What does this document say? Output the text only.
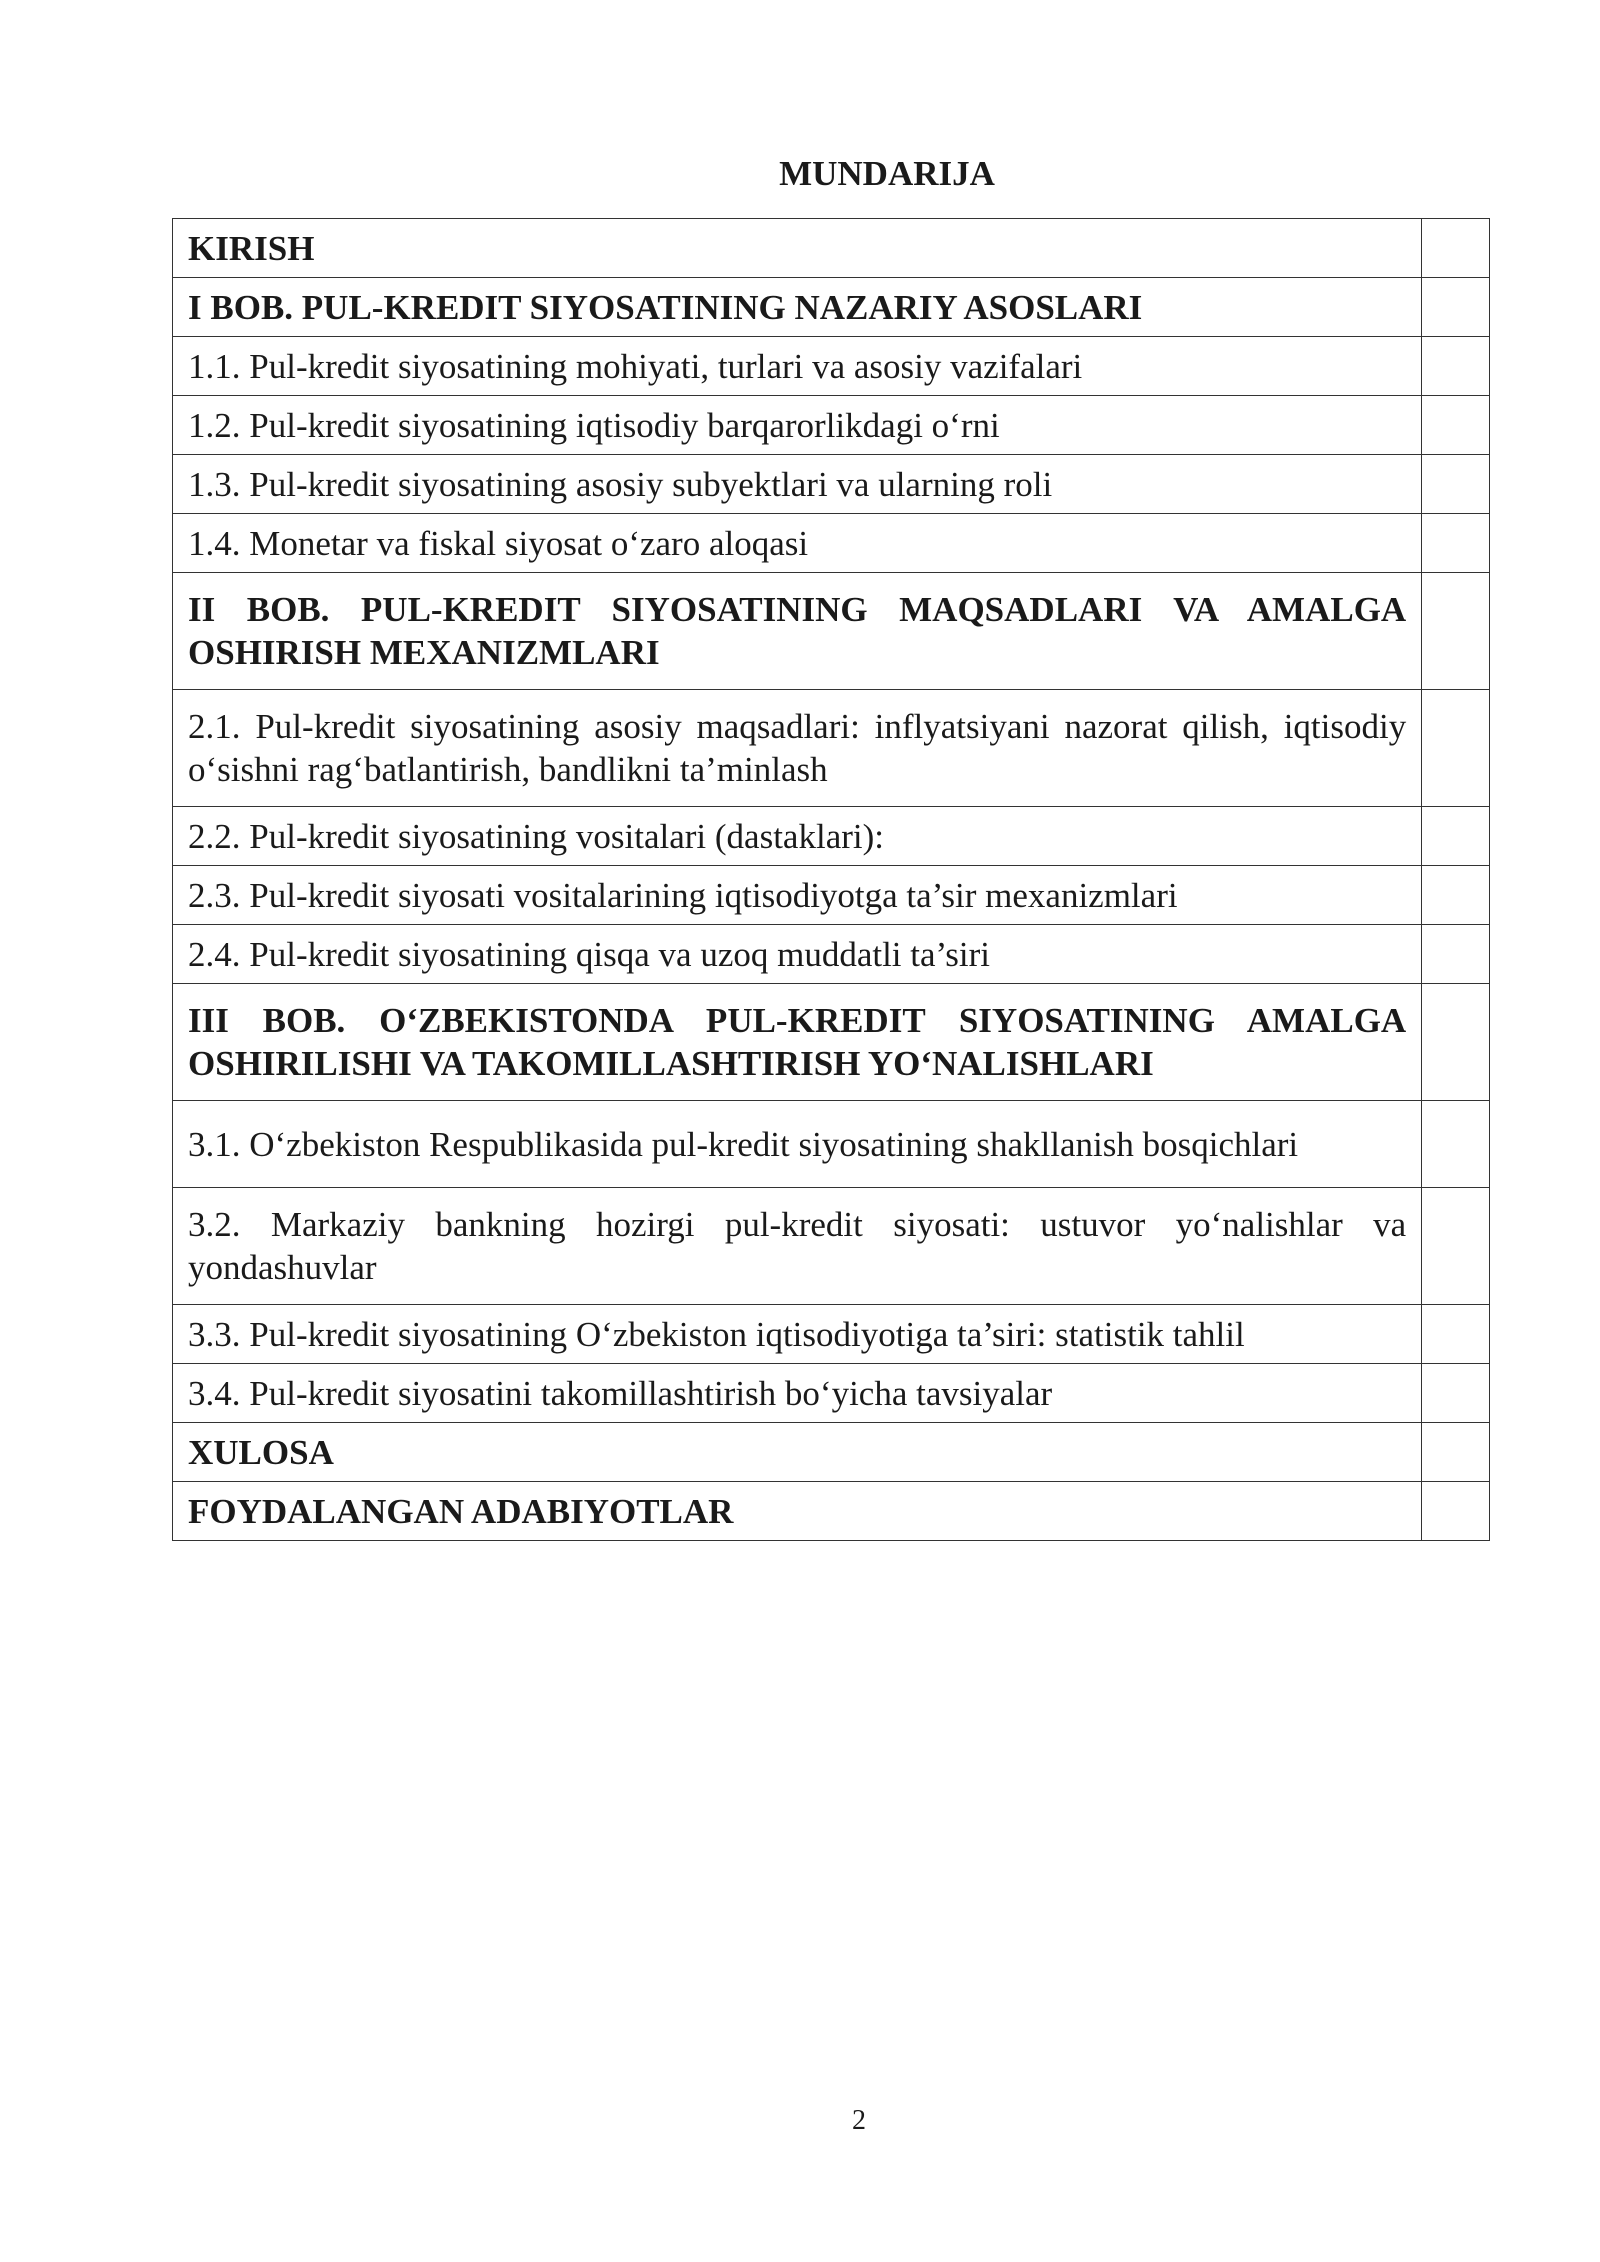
MUNDARIJA
KIRISH	
I BOB. PUL-KREDIT SIYOSATINING NAZARIY ASOSLARI	
1.1. Pul-kredit siyosatining mohiyati, turlari va asosiy vazifalari	
1.2. Pul-kredit siyosatining iqtisodiy barqarorlikdagi o‘rni	
1.3. Pul-kredit siyosatining asosiy subyektlari va ularning roli	
1.4. Monetar va fiskal siyosat o‘zaro aloqasi	
II BOB. PUL-KREDIT SIYOSATINING MAQSADLARI VA AMALGA OSHIRISH MEXANIZMLARI	
2.1. Pul-kredit siyosatining asosiy maqsadlari: inflyatsiyani nazorat qilish, iqtisodiy o‘sishni rag‘batlantirish, bandlikni ta’minlash	
2.2. Pul-kredit siyosatining vositalari (dastaklari):	
2.3. Pul-kredit siyosati vositalarining iqtisodiyotga ta’sir mexanizmlari	
2.4. Pul-kredit siyosatining qisqa va uzoq muddatli ta’siri	
III BOB. O‘ZBEKISTONDA PUL-KREDIT SIYOSATINING AMALGA OSHIRILISHI VA TAKOMILLASHTIRISH YO‘NALISHLARI	
3.1. O‘zbekiston Respublikasida pul-kredit siyosatining shakllanish bosqichlari	
3.2. Markaziy bankning hozirgi pul-kredit siyosati: ustuvor yo‘nalishlar va yondashuvlar	
3.3. Pul-kredit siyosatining O‘zbekiston iqtisodiyotiga ta’siri: statistik tahlil	
3.4. Pul-kredit siyosatini takomillashtirish bo‘yicha tavsiyalar	
XULOSA	
FOYDALANGAN ADABIYOTLAR	
2
